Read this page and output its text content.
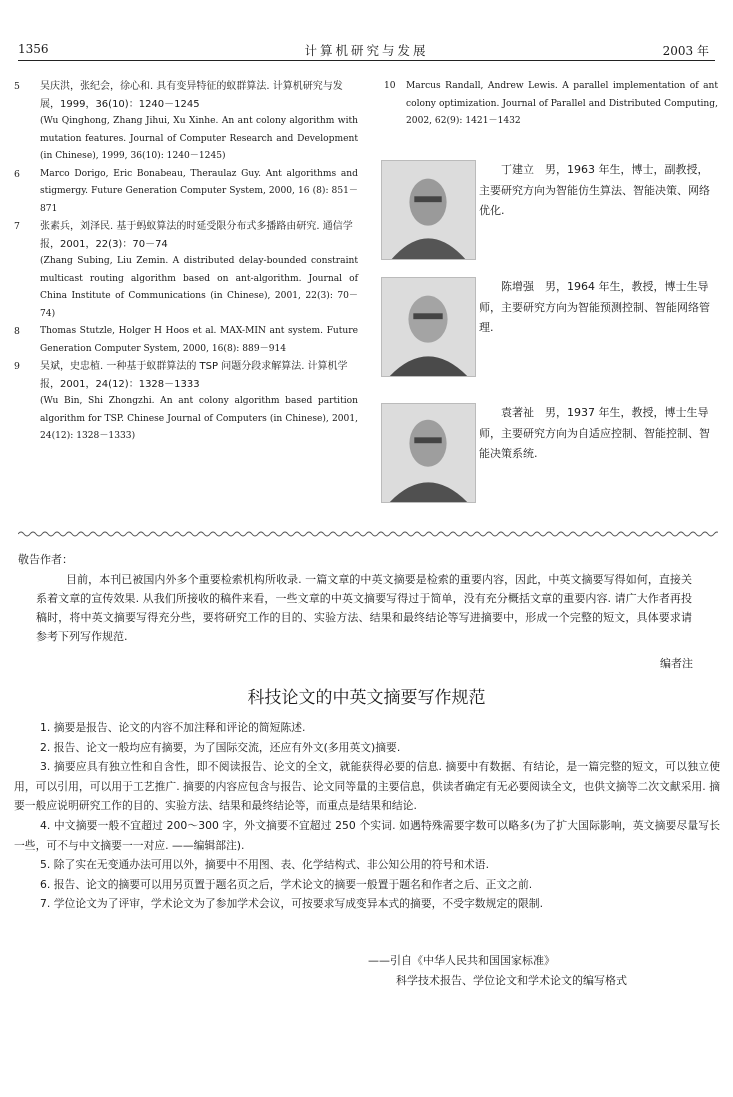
1356	计算机研究与发展	2003 年
5 吴庆洪，张纪会，徐心和. 具有变异特征的蚁群算法. 计算机研究与发展，1999，36(10)：1240－1245
(Wu Qinghong, Zhang Jihui, Xu Xinhe. An ant colony algorithm with mutation features. Journal of Computer Research and Development (in Chinese), 1999, 36(10): 1240－1245)
6 Marco Dorigo, Eric Bonabeau, Theraulaz Guy. Ant algorithms and stigmergy. Future Generation Computer System, 2000, 16 (8): 851－871
7 张素兵，刘泽民. 基于蚂蚁算法的时延受限分布式多播路由研究. 通信学报，2001，22(3)：70－74
(Zhang Subing, Liu Zemin. A distributed delay-bounded constraint multicast routing algorithm based on ant-algorithm. Journal of China Institute of Communications (in Chinese), 2001, 22(3): 70－74)
8 Thomas Stutzle, Holger H Hoos et al. MAX-MIN ant system. Future Generation Computer System, 2000, 16(8): 889－914
9 吴斌，史忠植. 一种基于蚁群算法的 TSP 问题分段求解算法. 计算机学报，2001，24(12)：1328－1333
(Wu Bin, Shi Zhongzhi. An ant colony algorithm based partition algorithm for TSP. Chinese Journal of Computers (in Chinese), 2001, 24(12): 1328－1333)
10 Marcus Randall, Andrew Lewis. A parallel implementation of ant colony optimization. Journal of Parallel and Distributed Computing, 2002, 62(9): 1421－1432
丁建立　男，1963 年生，博士，副教授，主要研究方向为智能仿生算法、智能决策、网络优化.
陈增强　男，1964 年生，教授，博士生导师，主要研究方向为智能预测控制、智能网络管理.
袁著祉　男，1937 年生，教授，博士生导师，主要研究方向为自适应控制、智能控制、智能决策系统.
敬告作者：
目前，本刊已被国内外多个重要检索机构所收录. 一篇文章的中英文摘要是检索的重要内容，因此，中英文摘要写得如何，直接关系着文章的宣传效果. 从我们所接收的稿件来看，一些文章的中英文摘要写得过于简单，没有充分概括文章的重要内容. 请广大作者再投稿时，将中英文摘要写得充分些，要将研究工作的目的、实验方法、结果和最终结论等写进摘要中，形成一个完整的短文，具体要求请参考下列写作规范.
编者注
科技论文的中英文摘要写作规范

1. 摘要是报告、论文的内容不加注释和评论的简短陈述.

2. 报告、论文一般均应有摘要，为了国际交流，还应有外文(多用英文)摘要.

3. 摘要应具有独立性和自含性，即不阅读报告、论文的全文，就能获得必要的信息. 摘要中有数据、有结论，是一篇完整的短文，可以独立使用，可以引用，可以用于工艺推广. 摘要的内容应包含与报告、论文同等量的主要信息，供读者确定有无必要阅读全文，也供文摘等二次文献采用. 摘要一般应说明研究工作的目的、实验方法、结果和最终结论等，而重点是结果和结论.

4. 中文摘要一般不宜超过 200～300 字，外文摘要不宜超过 250 个实词. 如遇特殊需要字数可以略多(为了扩大国际影响，英文摘要尽量写长一些，可不与中文摘要一一对应. ——编辑部注).

5. 除了实在无变通办法可用以外，摘要中不用图、表、化学结构式、非公知公用的符号和术语.

6. 报告、论文的摘要可以用另页置于题名页之后，学术论文的摘要一般置于题名和作者之后、正文之前.

7. 学位论文为了评审，学术论文为了参加学术会议，可按要求写成变异本式的摘要，不受字数规定的限制.

——引自《中华人民共和国国家标准》
科学技术报告、学位论文和学术论文的编写格式
